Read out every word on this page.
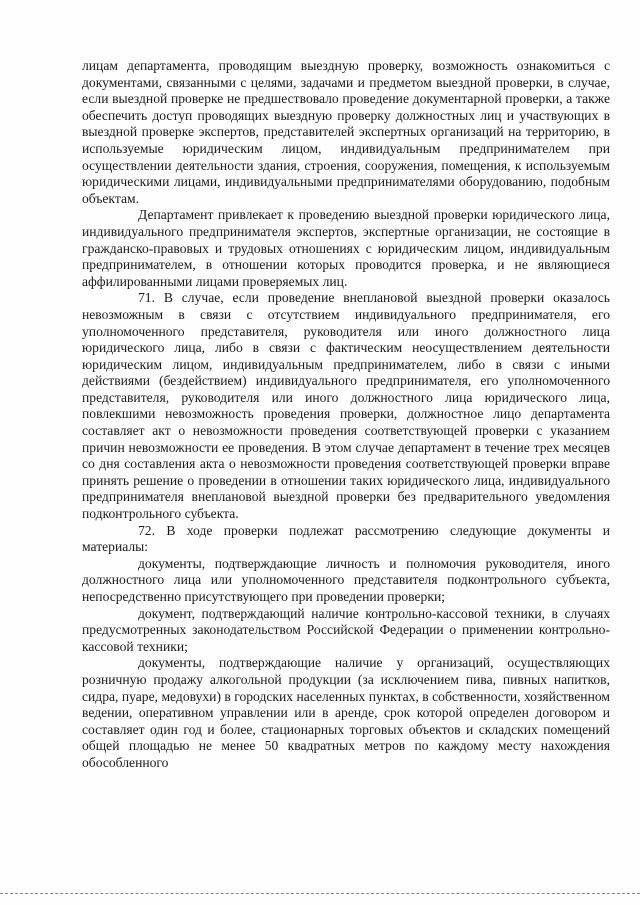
лицам департамента, проводящим выездную проверку, возможность ознакомиться с документами, связанными с целями, задачами и предметом выездной проверки, в случае, если выездной проверке не предшествовало проведение документарной проверки, а также обеспечить доступ проводящих выездную проверку должностных лиц и участвующих в выездной проверке экспертов, представителей экспертных организаций на территорию, в используемые юридическим лицом, индивидуальным предпринимателем при осуществлении деятельности здания, строения, сооружения, помещения, к используемым юридическими лицами, индивидуальными предпринимателями оборудованию, подобным объектам.

Департамент привлекает к проведению выездной проверки юридического лица, индивидуального предпринимателя экспертов, экспертные организации, не состоящие в гражданско-правовых и трудовых отношениях с юридическим лицом, индивидуальным предпринимателем, в отношении которых проводится проверка, и не являющиеся аффилированными лицами проверяемых лиц.

71. В случае, если проведение внеплановой выездной проверки оказалось невозможным в связи с отсутствием индивидуального предпринимателя, его уполномоченного представителя, руководителя или иного должностного лица юридического лица, либо в связи с фактическим неосуществлением деятельности юридическим лицом, индивидуальным предпринимателем, либо в связи с иными действиями (бездействием) индивидуального предпринимателя, его уполномоченного представителя, руководителя или иного должностного лица юридического лица, повлекшими невозможность проведения проверки, должностное лицо департамента составляет акт о невозможности проведения соответствующей проверки с указанием причин невозможности ее проведения. В этом случае департамент в течение трех месяцев со дня составления акта о невозможности проведения соответствующей проверки вправе принять решение о проведении в отношении таких юридического лица, индивидуального предпринимателя внеплановой выездной проверки без предварительного уведомления подконтрольного субъекта.

72. В ходе проверки подлежат рассмотрению следующие документы и материалы:

документы, подтверждающие личность и полномочия руководителя, иного должностного лица или уполномоченного представителя подконтрольного субъекта, непосредственно присутствующего при проведении проверки;

документ, подтверждающий наличие контрольно-кассовой техники, в случаях предусмотренных законодательством Российской Федерации о применении контрольно-кассовой техники;

документы, подтверждающие наличие у организаций, осуществляющих розничную продажу алкогольной продукции (за исключением пива, пивных напитков, сидра, пуаре, медовухи) в городских населенных пунктах, в собственности, хозяйственном ведении, оперативном управлении или в аренде, срок которой определен договором и составляет один год и более, стационарных торговых объектов и складских помещений общей площадью не менее 50 квадратных метров по каждому месту нахождения обособленного
